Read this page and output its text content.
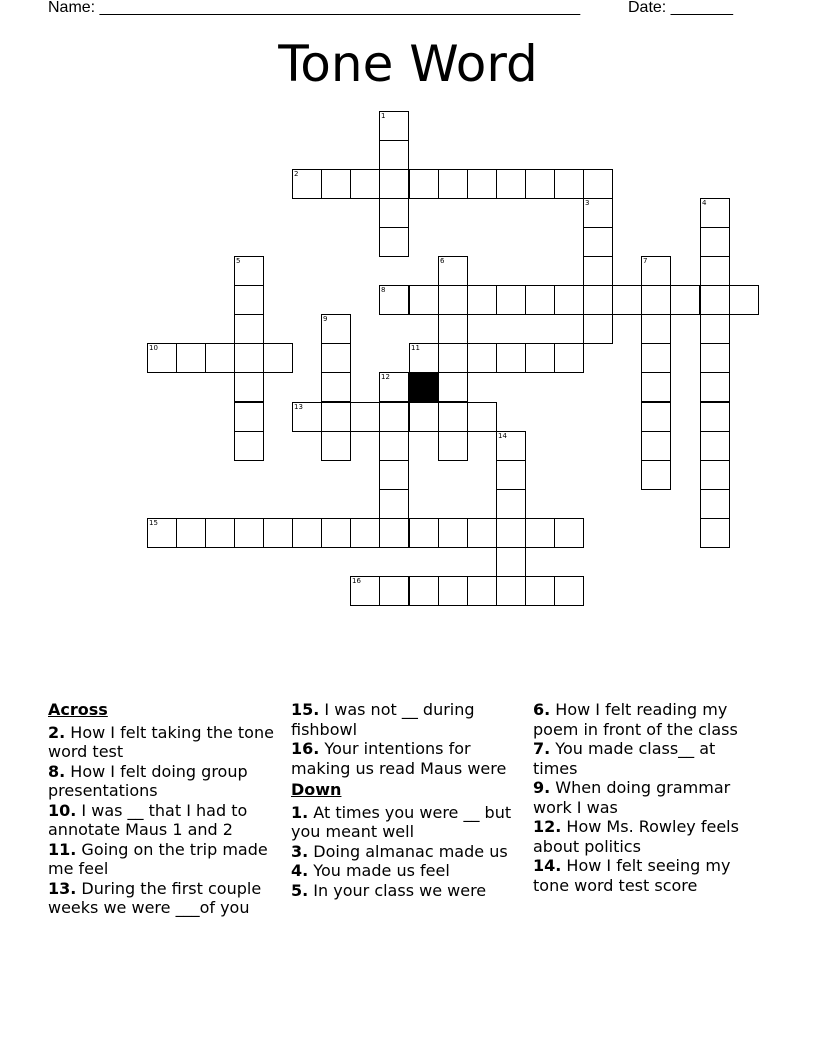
Name: ______________________________________________________	Date: _______
Tone Word
1
2
3	4
5	6	7
8
9
10	11
12
13
14
15
16
Across
2. How I felt taking the tone word test
8. How I felt doing group presentations
10. I was __ that I had to annotate Maus 1 and 2
11. Going on the trip made me feel
13. During the first couple weeks we were ___of you
15. I was not __ during fishbowl
16. Your intentions for making us read Maus were
Down
1. At times you were __ but you meant well
3. Doing almanac made us
4. You made us feel
5. In your class we were
6. How I felt reading my poem in front of the class
7. You made class__ at times
9. When doing grammar work I was
12. How Ms. Rowley feels about politics
14. How I felt seeing my tone word test score
